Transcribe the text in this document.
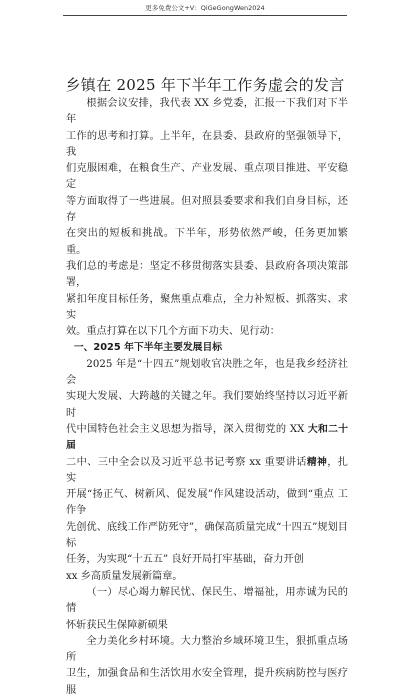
更多免费公文+V：QiGeGongWen2024
乡镇在 2025 年下半年工作务虚会的发言

根据会议安排，我代表 XX 乡党委，汇报一下我们对下半年

工作的思考和打算。上半年，在县委、县政府的坚强领导下，我

们克服困难，在粮食生产、产业发展、重点项目推进、平安稳定

等方面取得了一些进展。但对照县委要求和我们自身目标，还存

在突出的短板和挑战。下半年，形势依然严峻，任务更加繁重。

我们总的考虑是：坚定不移贯彻落实县委、县政府各项决策部署，

紧扣年度目标任务，聚焦重点难点，全力补短板、抓落实、求实

效。重点打算在以下几个方面下功夫、见行动：

一、2025 年下半年主要发展目标

2025 年是“十四五”规划收官决胜之年，也是我乡经济社 会

实现大发展、大跨越的关键之年。我们要始终坚持以习近平新 时

代中国特色社会主义思想为指导，深入贯彻党的 XX 大和二十届

二中、三中全会以及习近平总书记考察 xx 重要讲话精神，扎 实

开展“扬正气、树新风、促发展”作风建设活动，做到“重点 工作争

先创优、底线工作严防死守”，确保高质量完成“十四五”规划目标

任务，为实现“十五五” 良好开局打牢基础，奋力开创

xx 乡高质量发展新篇章。

（一）尽心竭力解民忧、保民生、增福祉，用赤诚为民的情

怀斩获民生保障新硕果

全力美化乡村环境。大力整治乡域环境卫生，狠抓重点场所

卫生，加强食品和生活饮用水安全管理，提升疾病防控与医疗服
